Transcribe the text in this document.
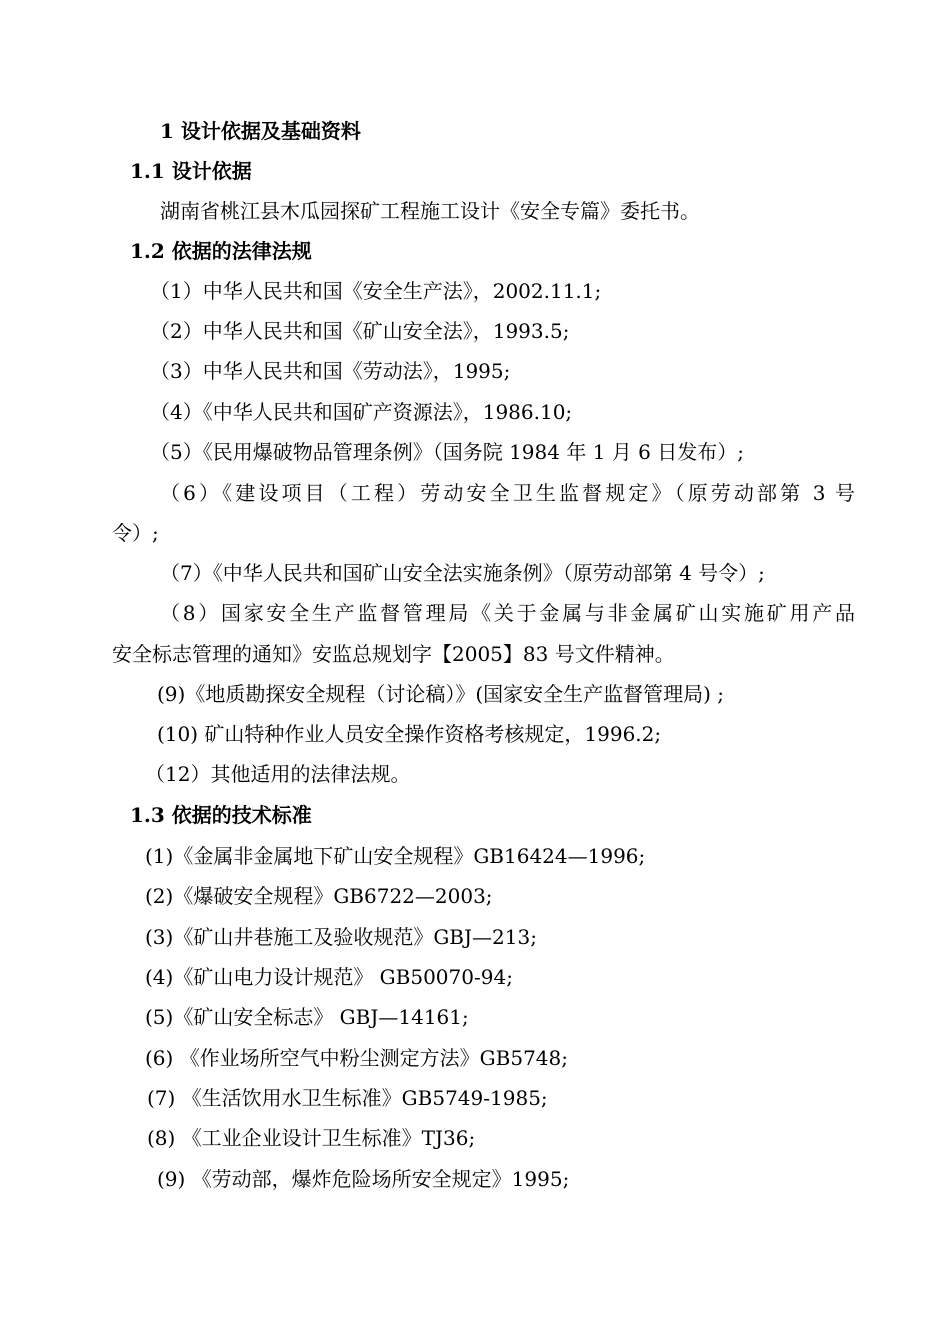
1 设计依据及基础资料
1.1 设计依据
湖南省桃江县木瓜园探矿工程施工设计《安全专篇》委托书。
1.2 依据的法律法规
（1）中华人民共和国《安全生产法》，2002.11.1;
（2）中华人民共和国《矿山安全法》，1993.5;
（3）中华人民共和国《劳动法》，1995;
（4）《中华人民共和国矿产资源法》，1986.10;
（5）《民用爆破物品管理条例》（国务院 1984 年 1 月 6 日发布）;
（6）《建设项目（工程）劳动安全卫生监督规定》（原劳动部第 3 号
令）;
（7）《中华人民共和国矿山安全法实施条例》（原劳动部第 4 号令）;
（8）国家安全生产监督管理局《关于金属与非金属矿山实施矿用产品
安全标志管理的通知》安监总规划字【2005】83 号文件精神。
(9)《地质勘探安全规程（讨论稿）》(国家安全生产监督管理局) ;
(10) 矿山特种作业人员安全操作资格考核规定，1996.2;
（12）其他适用的法律法规。
1.3 依据的技术标准
(1)《金属非金属地下矿山安全规程》GB16424—1996;
(2)《爆破安全规程》GB6722—2003;
(3)《矿山井巷施工及验收规范》GBJ—213;
(4)《矿山电力设计规范》 GB50070-94;
(5)《矿山安全标志》 GBJ—14161;
(6) 《作业场所空气中粉尘测定方法》GB5748;
(7) 《生活饮用水卫生标准》GB5749-1985;
(8) 《工业企业设计卫生标准》TJ36;
(9) 《劳动部，爆炸危险场所安全规定》1995;
